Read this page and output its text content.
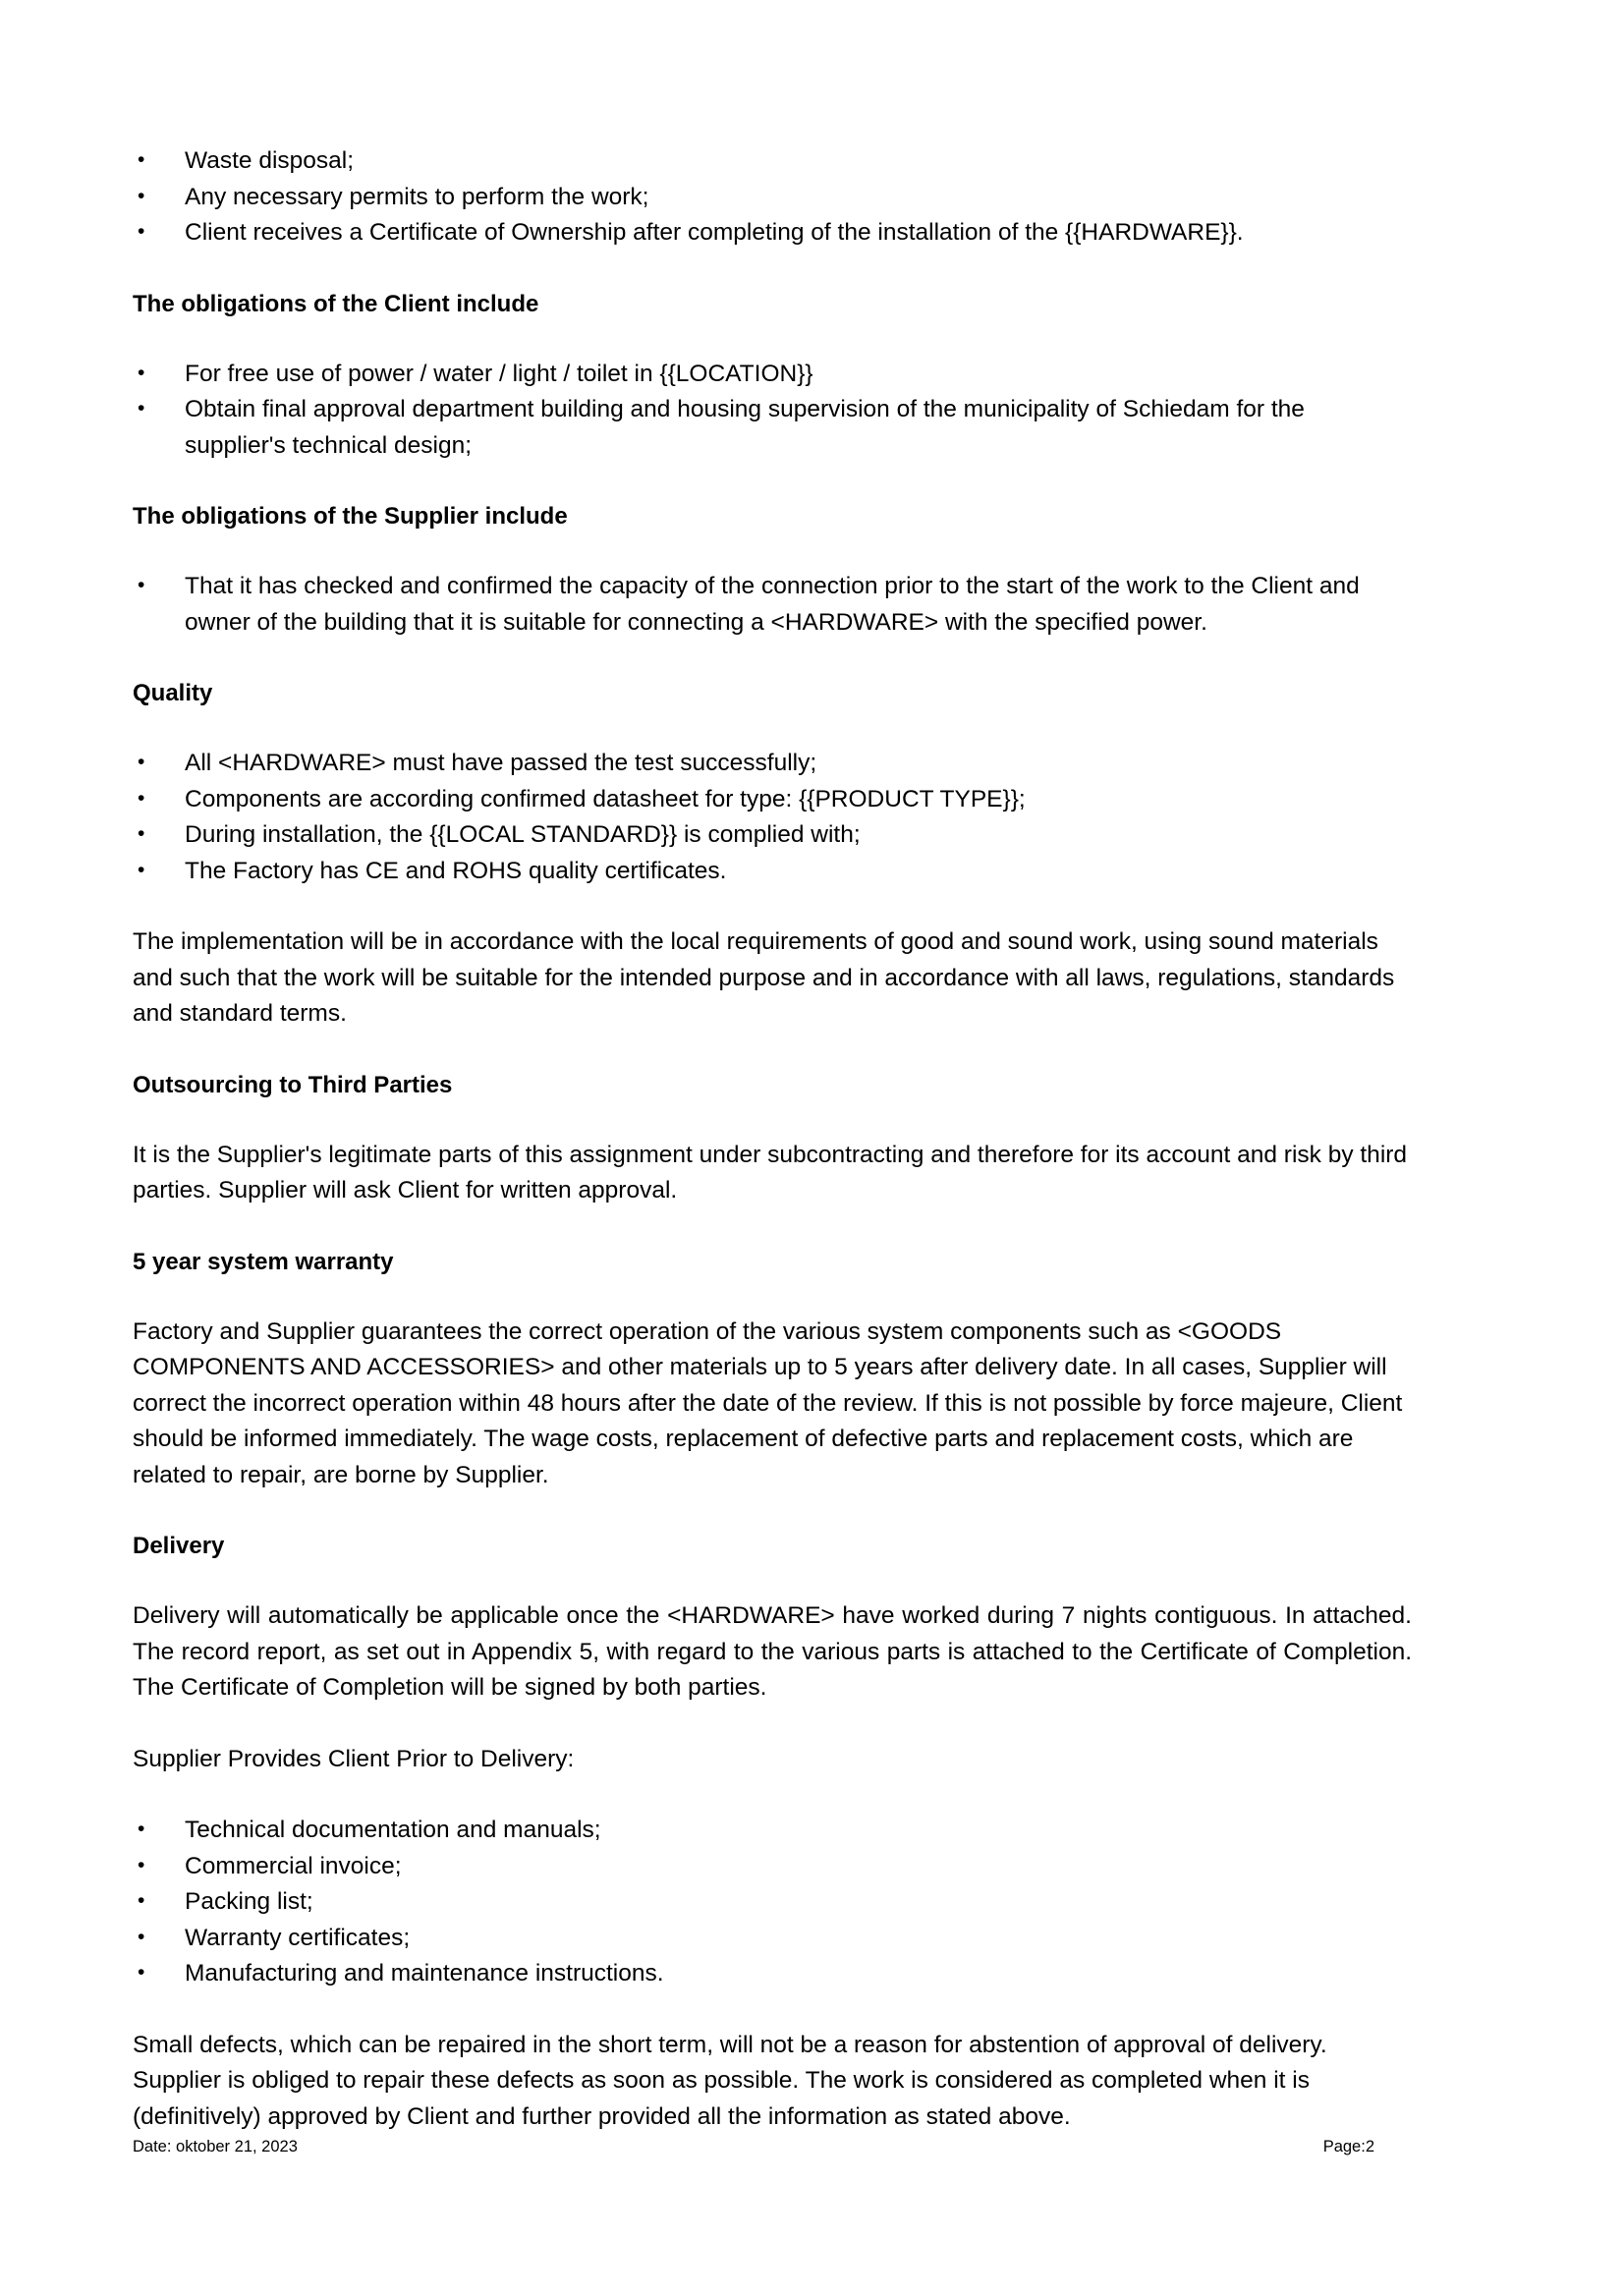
• Waste disposal;
• Any necessary permits to perform the work;
• Client receives a Certificate of Ownership after completing of the installation of the {{HARDWARE}}.
The obligations of the Client include
• For free use of power / water / light / toilet in {{LOCATION}}
• Obtain final approval department building and housing supervision of the municipality of Schiedam for the supplier's technical design;
The obligations of the Supplier include
• That it has checked and confirmed the capacity of the connection prior to the start of the work to the Client and owner of the building that it is suitable for connecting a <HARDWARE> with the specified power.
Quality
• All <HARDWARE> must have passed the test successfully;
• Components are according confirmed datasheet for type: {{PRODUCT TYPE}};
• During installation, the {{LOCAL STANDARD}} is complied with;
• The Factory has CE and ROHS quality certificates.

The implementation will be in accordance with the local requirements of good and sound work, using sound materials and such that the work will be suitable for the intended purpose and in accordance with all laws, regulations, standards and standard terms.

Outsourcing to Third Parties

It is the Supplier's legitimate parts of this assignment under subcontracting and therefore for its account and risk by third parties. Supplier will ask Client for written approval.

5 year system warranty

Factory and Supplier guarantees the correct operation of the various system components such as <GOODS COMPONENTS AND ACCESSORIES> and other materials up to 5 years after delivery date. In all cases, Supplier will correct the incorrect operation within 48 hours after the date of the review. If this is not possible by force majeure, Client should be informed immediately. The wage costs, replacement of defective parts and replacement costs, which are related to repair, are borne by Supplier.

Delivery

Delivery will automatically be applicable once the <HARDWARE> have worked during 7 nights contiguous. In attached. The record report, as set out in Appendix 5, with regard to the various parts is attached to the Certificate of Completion. The Certificate of Completion will be signed by both parties.

Supplier Provides Client Prior to Delivery:

• Technical documentation and manuals;
• Commercial invoice;
• Packing list;
• Warranty certificates;
• Manufacturing and maintenance instructions.

Small defects, which can be repaired in the short term, will not be a reason for abstention of approval of delivery. Supplier is obliged to repair these defects as soon as possible. The work is considered as completed when it is (definitively) approved by Client and further provided all the information as stated above.

Date: oktober 21, 2023	Page:2
